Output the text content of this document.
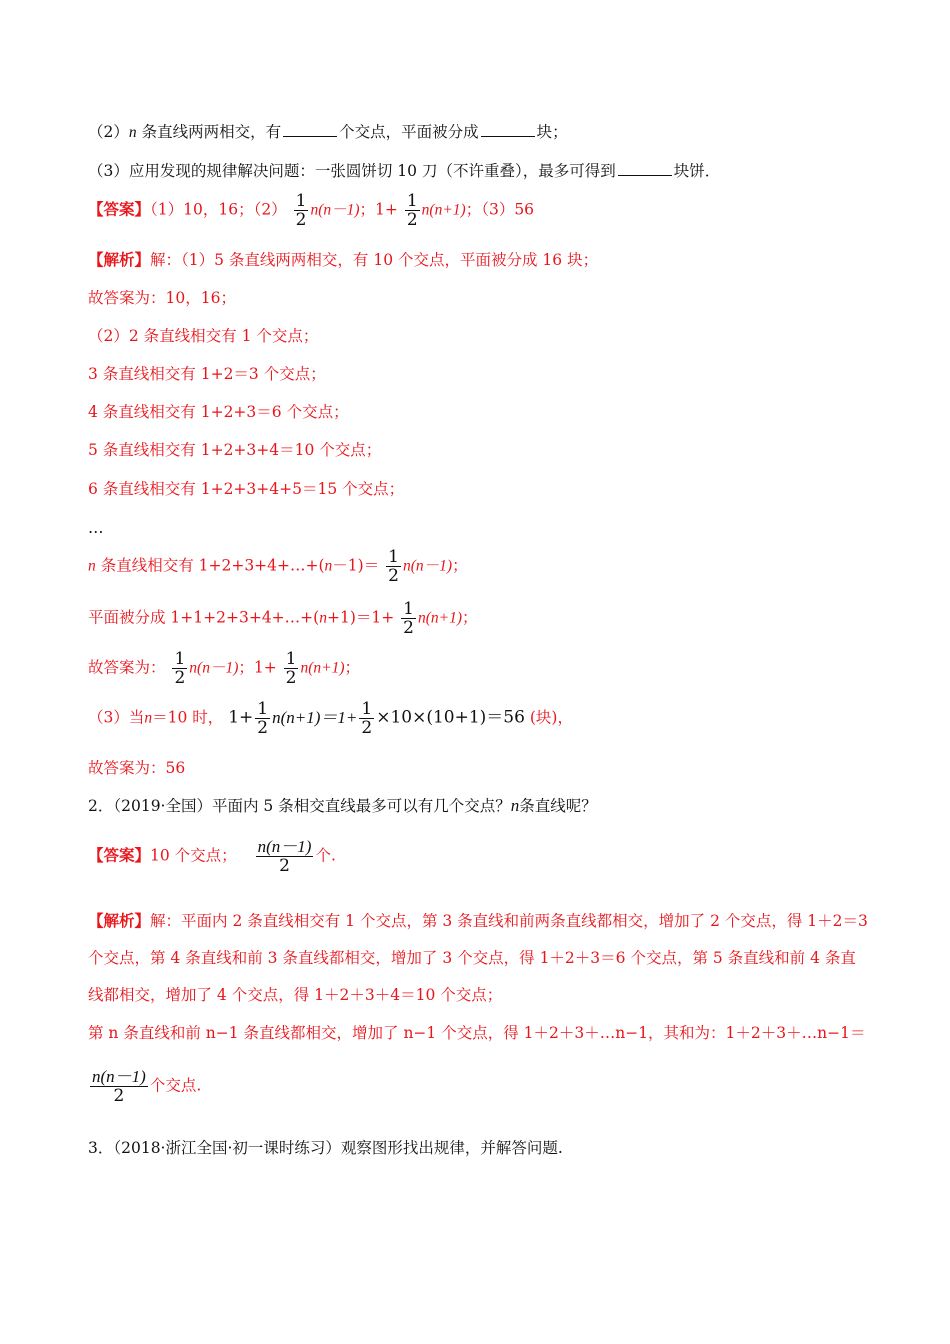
（2）n 条直线两两相交，有	个交点，平面被分成	块；
（3）应用发现的规律解决问题：一张圆饼切 10 刀（不许重叠），最多可得到	块饼．
【答案】（1）10，16；$(2) \frac{1}{2} n(n-1)$；$1+ \frac{1}{2} n(n+1)$；（3）56
【解析】解：（1）5 条直线两两相交，有 10 个交点，平面被分成 16 块；
故答案为：10，16；
（2）2 条直线相交有 1 个交点；
3 条直线相交有 1+2＝3 个交点；
4 条直线相交有 1+2+3＝6 个交点；
5 条直线相交有 1+2+3+4＝10 个交点；
6 条直线相交有 1+2+3+4+5＝15 个交点；
…
n 条直线相交有 1+2+3+4+…+(n－1)＝ $\frac{1}{2} n(n-1)$；
平面被分成 1+1+2+3+4+…+(n+1)＝1+ $\frac{1}{2} n(n+1)$；
故答案为： $\frac{1}{2} n(n-1)$；$1+ \frac{1}{2} n(n+1)$；
（3）当n＝10 时， $1+ \frac{1}{2} n(n+1)=1+ \frac{1}{2} \times 10\times(10+1)=56$ (块)，
故答案为：56
2．（2019·全国）平面内 5 条相交直线最多可以有几个交点？n条直线呢？
【答案】10 个交点； $\frac{n(n-1)}{2}$ 个.
【解析】解：平面内 2 条直线相交有 1 个交点，第 3 条直线和前两条直线都相交，增加了 2 个交点，得 1＋2＝3 个交点，第 4 条直线和前 3 条直线都相交，增加了 3 个交点，得 1＋2＋3＝6 个交点，第 5 条直线和前 4 条直线都相交，增加了 4 个交点，得 1＋2＋3＋4＝10 个交点；
第 n 条直线和前 n−1 条直线都相交，增加了 n−1 个交点，得 1＋2＋3＋…n−1，其和为：1＋2＋3＋…n−1＝
$\frac{n(n-1)}{2}$ 个交点.
3．（2018·浙江全国·初一课时练习）观察图形找出规律，并解答问题.
